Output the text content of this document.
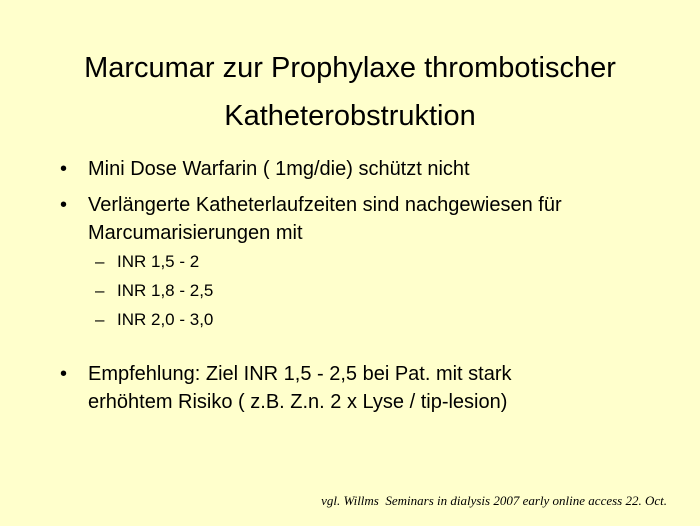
Marcumar zur Prophylaxe thrombotischer
Katheterobstruktion
• Mini Dose Warfarin ( 1mg/die) schützt nicht
• Verlängerte Katheterlaufzeiten sind nachgewiesen für
Marcumarisierungen mit
– INR 1,5 - 2
– INR 1,8 - 2,5
– INR 2,0 - 3,0
• Empfehlung: Ziel INR 1,5 - 2,5 bei Pat. mit stark
erhöhtem Risiko ( z.B. Z.n. 2 x Lyse / tip-lesion)
vgl. Willms  Seminars in dialysis 2007 early online access 22. Oct.
